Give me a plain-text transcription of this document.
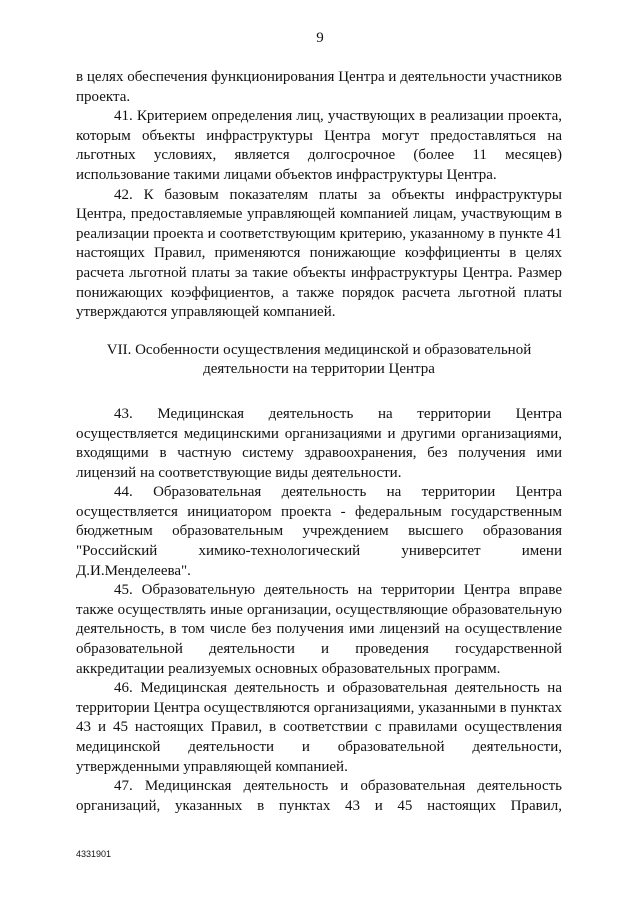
9

в целях обеспечения функционирования Центра и деятельности участников проекта.

41. Критерием определения лиц, участвующих в реализации проекта, которым объекты инфраструктуры Центра могут предоставляться на льготных условиях, является долгосрочное (более 11 месяцев) использование такими лицами объектов инфраструктуры Центра.

42. К базовым показателям платы за объекты инфраструктуры Центра, предоставляемые управляющей компанией лицам, участвующим в реализации проекта и соответствующим критерию, указанному в пункте 41 настоящих Правил, применяются понижающие коэффициенты в целях расчета льготной платы за такие объекты инфраструктуры Центра. Размер понижающих коэффициентов, а также порядок расчета льготной платы утверждаются управляющей компанией.

VII. Особенности осуществления медицинской и образовательной деятельности на территории Центра

43. Медицинская деятельность на территории Центра осуществляется медицинскими организациями и другими организациями, входящими в частную систему здравоохранения, без получения ими лицензий на соответствующие виды деятельности.

44. Образовательная деятельность на территории Центра осуществляется инициатором проекта - федеральным государственным бюджетным образовательным учреждением высшего образования "Российский химико-технологический университет имени Д.И.Менделеева".

45. Образовательную деятельность на территории Центра вправе также осуществлять иные организации, осуществляющие образовательную деятельность, в том числе без получения ими лицензий на осуществление образовательной деятельности и проведения государственной аккредитации реализуемых основных образовательных программ.

46. Медицинская деятельность и образовательная деятельность на территории Центра осуществляются организациями, указанными в пунктах 43 и 45 настоящих Правил, в соответствии с правилами осуществления медицинской деятельности и образовательной деятельности, утвержденными управляющей компанией.

47. Медицинская деятельность и образовательная деятельность организаций, указанных в пунктах 43 и 45 настоящих Правил,

4331901
